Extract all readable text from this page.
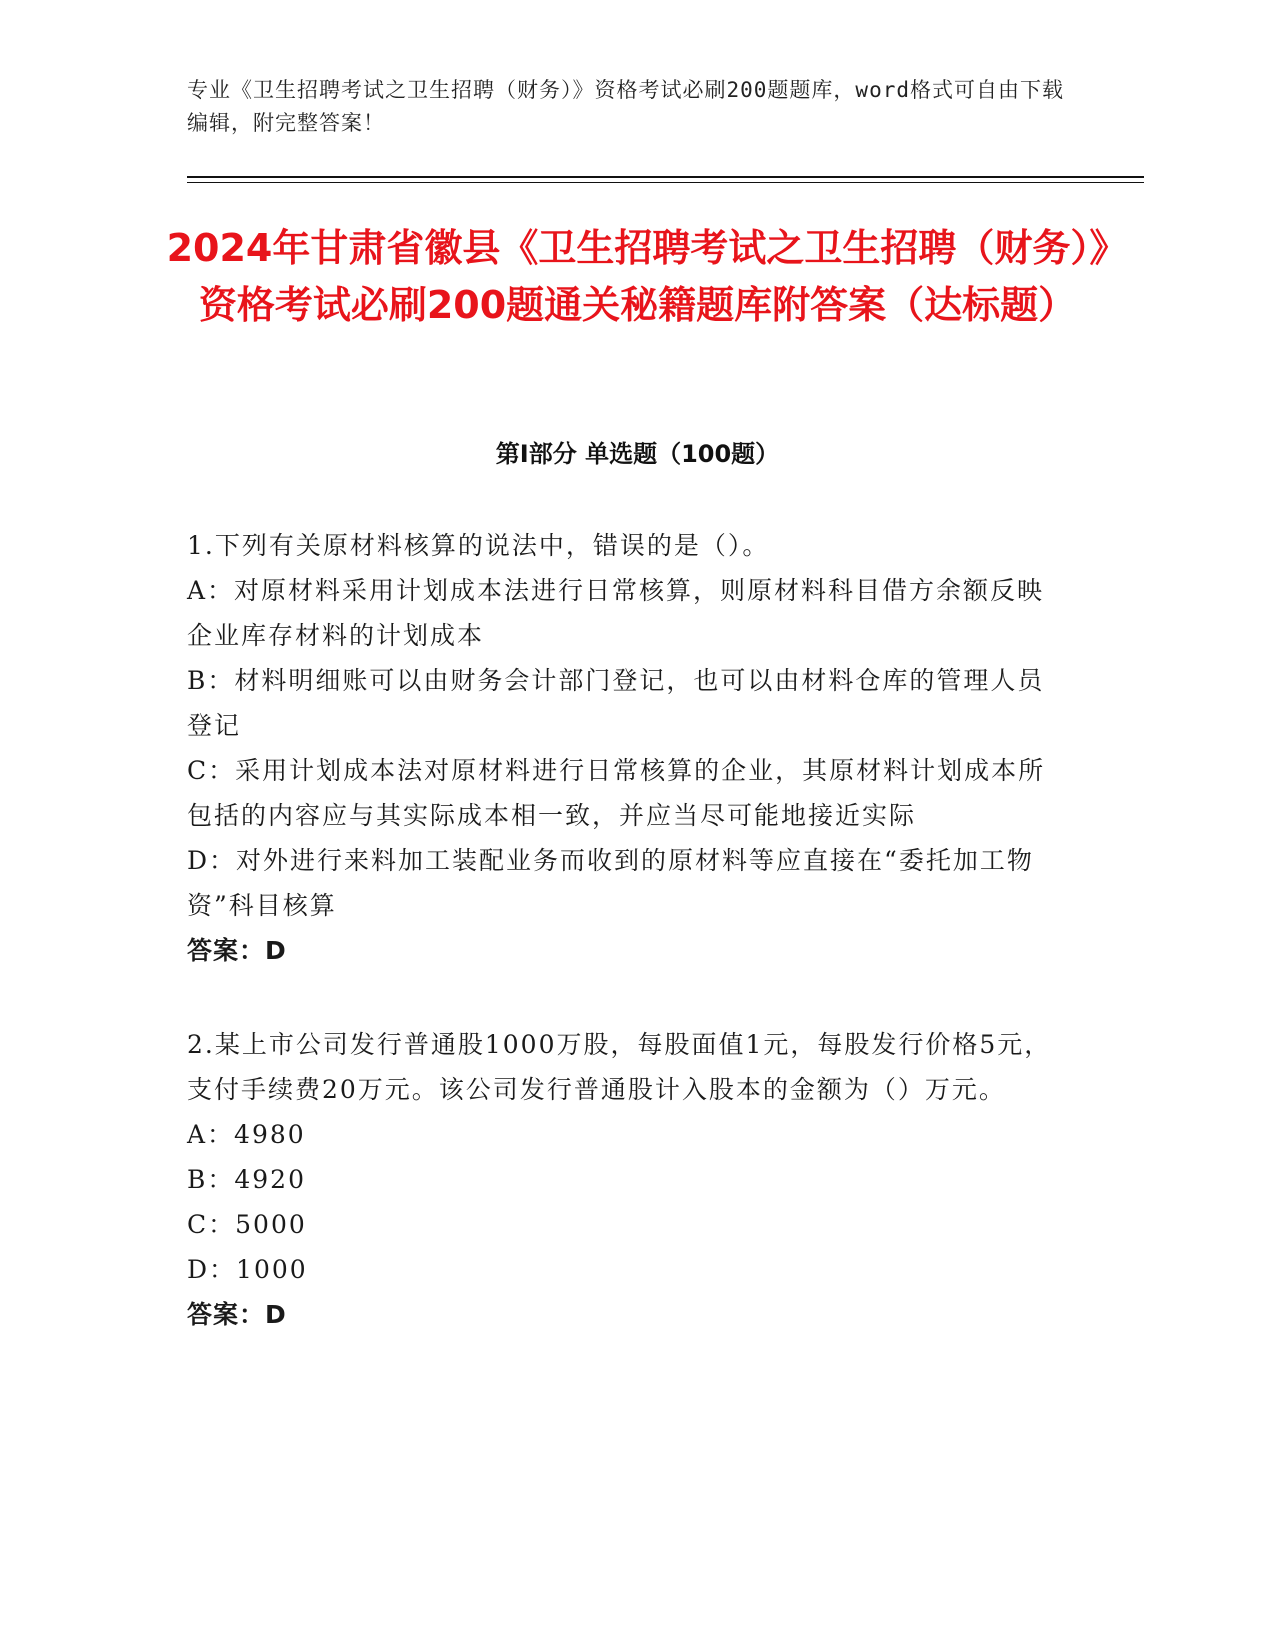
专业《卫生招聘考试之卫生招聘（财务）》资格考试必刷200题题库，word格式可自由下载编辑，附完整答案！
2024年甘肃省徽县《卫生招聘考试之卫生招聘（财务）》资格考试必刷200题通关秘籍题库附答案（达标题）
第Ⅰ部分 单选题（100题）
1.下列有关原材料核算的说法中，错误的是（）。
A：对原材料采用计划成本法进行日常核算，则原材料科目借方余额反映企业库存材料的计划成本
B：材料明细账可以由财务会计部门登记，也可以由材料仓库的管理人员登记
C：采用计划成本法对原材料进行日常核算的企业，其原材料计划成本所包括的内容应与其实际成本相一致，并应当尽可能地接近实际
D：对外进行来料加工装配业务而收到的原材料等应直接在“委托加工物资”科目核算
答案：D
2.某上市公司发行普通股1000万股，每股面值1元，每股发行价格5元，支付手续费20万元。该公司发行普通股计入股本的金额为（）万元。
A：4980
B：4920
C：5000
D：1000
答案：D
